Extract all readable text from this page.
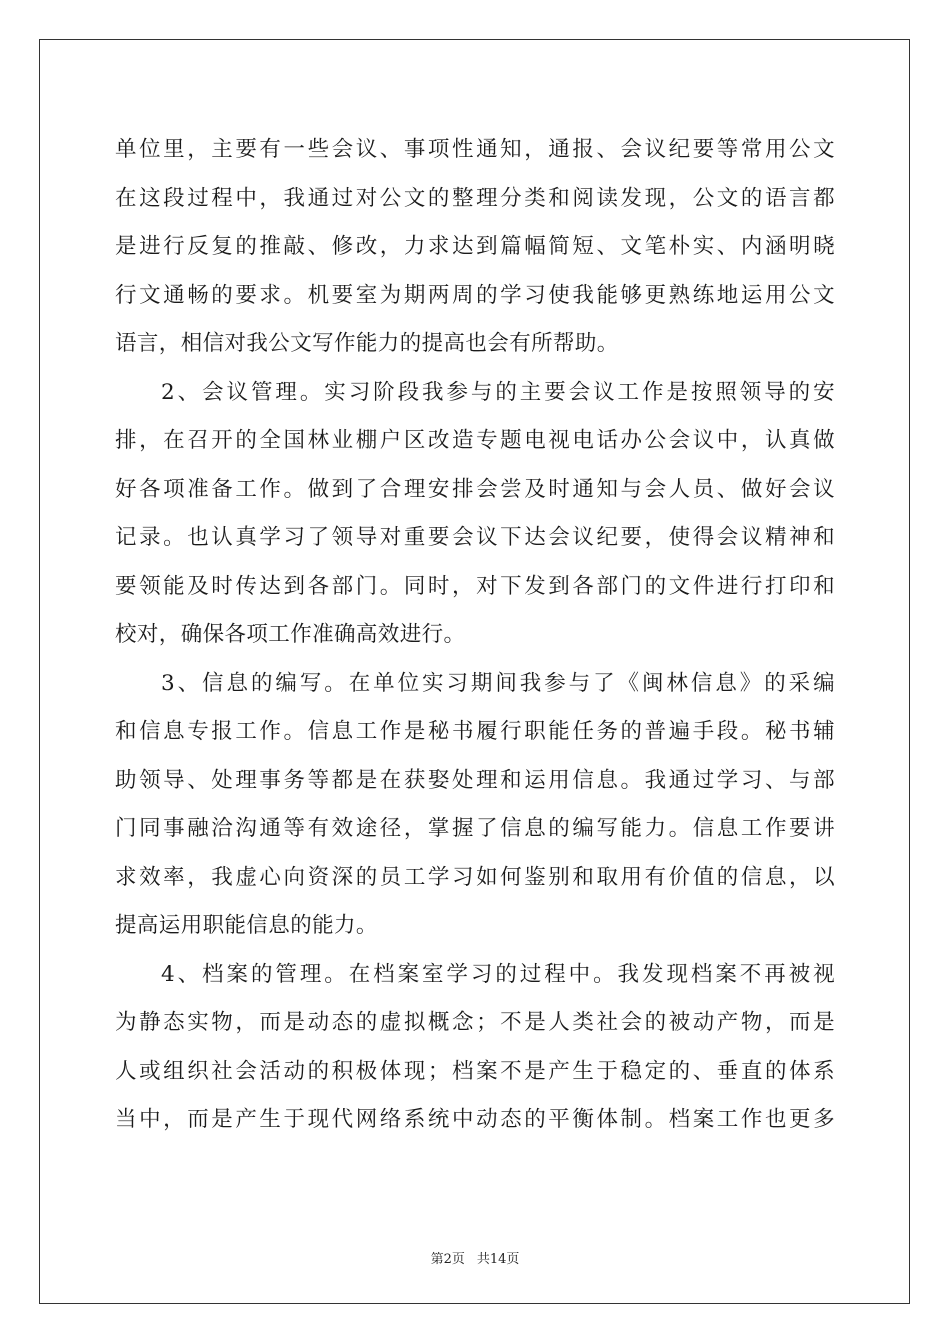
单位里，主要有一些会议、事项性通知，通报、会议纪要等常用公文
在这段过程中，我通过对公文的整理分类和阅读发现，公文的语言都
是进行反复的推敲、修改，力求达到篇幅简短、文笔朴实、内涵明晓
行文通畅的要求。机要室为期两周的学习使我能够更熟练地运用公文
语言，相信对我公文写作能力的提高也会有所帮助。
2、会议管理。实习阶段我参与的主要会议工作是按照领导的安
排，在召开的全国林业棚户区改造专题电视电话办公会议中，认真做
好各项准备工作。做到了合理安排会尝及时通知与会人员、做好会议
记录。也认真学习了领导对重要会议下达会议纪要，使得会议精神和
要领能及时传达到各部门。同时，对下发到各部门的文件进行打印和
校对，确保各项工作准确高效进行。
3、信息的编写。在单位实习期间我参与了《闽林信息》的采编
和信息专报工作。信息工作是秘书履行职能任务的普遍手段。秘书辅
助领导、处理事务等都是在获娶处理和运用信息。我通过学习、与部
门同事融洽沟通等有效途径，掌握了信息的编写能力。信息工作要讲
求效率，我虚心向资深的员工学习如何鉴别和取用有价值的信息，以
提高运用职能信息的能力。
4、档案的管理。在档案室学习的过程中。我发现档案不再被视
为静态实物，而是动态的虚拟概念；不是人类社会的被动产物，而是
人或组织社会活动的积极体现；档案不是产生于稳定的、垂直的体系
当中，而是产生于现代网络系统中动态的平衡体制。档案工作也更多
第2页 共14页
